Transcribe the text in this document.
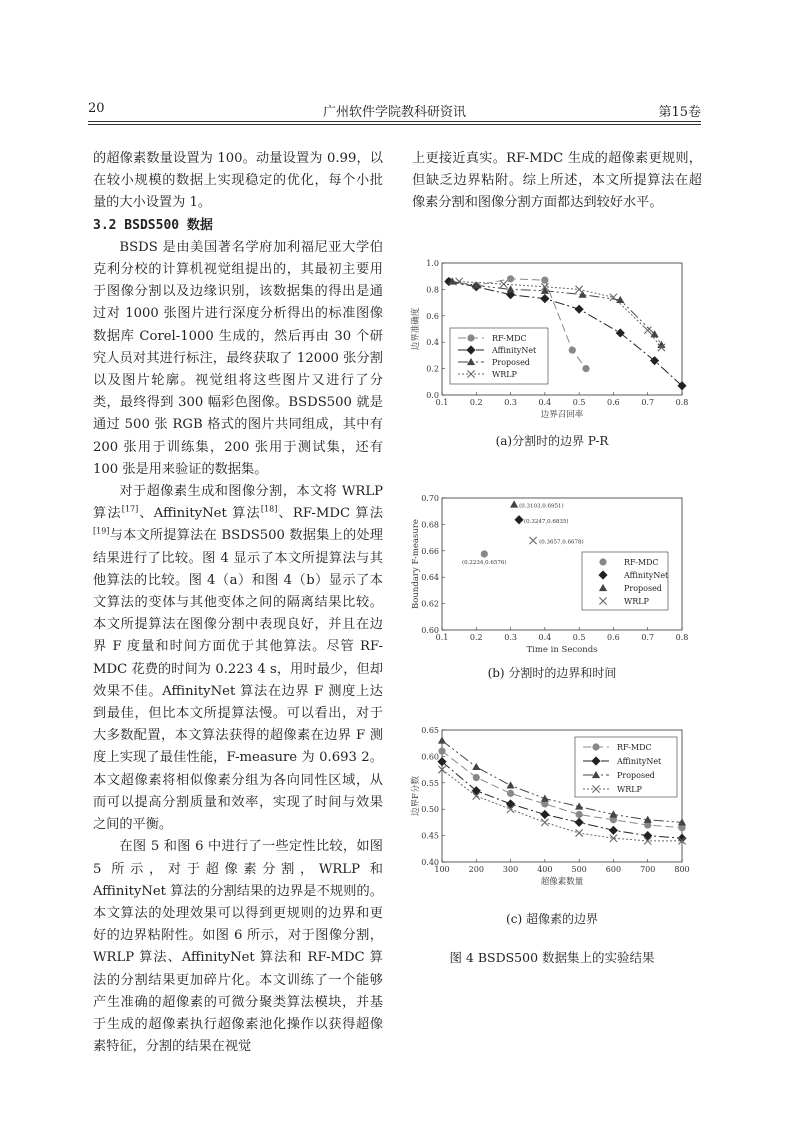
20	广州软件学院教科研资讯	第15卷

的超像素数量设置为 100。动量设置为 0.99，以在较小规模的数据上实现稳定的优化，每个小批量的大小设置为 1。

3.2 BSDS500 数据

BSDS 是由美国著名学府加利福尼亚大学伯克利分校的计算机视觉组提出的，其最初主要用于图像分割以及边缘识别，该数据集的得出是通过对 1000 张图片进行深度分析得出的标准图像数据库 Corel-1000 生成的，然后再由 30 个研究人员对其进行标注，最终获取了 12000 张分割以及图片轮廓。视觉组将这些图片又进行了分类，最终得到 300 幅彩色图像。BSDS500 就是通过 500 张 RGB 格式的图片共同组成，其中有 200 张用于训练集，200 张用于测试集，还有 100 张是用来验证的数据集。

对于超像素生成和图像分割，本文将 WRLP 算法[17]、AffinityNet 算法[18]、RF-MDC 算法[19]与本文所提算法在 BSDS500 数据集上的处理结果进行了比较。图 4 显示了本文所提算法与其他算法的比较。图 4（a）和图 4（b）显示了本文算法的变体与其他变体之间的隔离结果比较。本文所提算法在图像分割中表现良好，并且在边界 F 度量和时间方面优于其他算法。尽管 RF-MDC 花费的时间为 0.223 4 s，用时最少，但却效果不佳。AffinityNet 算法在边界 F 测度上达到最佳，但比本文所提算法慢。可以看出，对于大多数配置，本文算法获得的超像素在边界 F 测度上实现了最佳性能，F-measure 为 0.693 2。本文超像素将相似像素分组为各向同性区域，从而可以提高分割质量和效率，实现了时间与效果之间的平衡。

在图 5 和图 6 中进行了一些定性比较，如图 5 所示，对于超像素分割，WRLP 和 AffinityNet 算法的分割结果的边界是不规则的。本文算法的处理效果可以得到更规则的边界和更好的边界粘附性。如图 6 所示，对于图像分割，WRLP 算法、AffinityNet 算法和 RF-MDC 算法的分割结果更加碎片化。本文训练了一个能够产生准确的超像素的可微分聚类算法模块，并基于生成的超像素执行超像素池化操作以获得超像素特征，分割的结果在视觉

上更接近真实。RF-MDC 生成的超像素更规则，但缺乏边界粘附。综上所述，本文所提算法在超像素分割和图像分割方面都达到较好水平。

0.1	0.2	0.3	0.4	0.5	0.6	0.7	0.8
0.0
0.2
0.4
0.6
0.8
1.0
边界召回率
边界准确度	RF-MDC
AffinityNet
Proposed
WRLP
(a)分割时的边界 P-R
0.1	0.2	0.3	0.4	0.5	0.6	0.7	0.8
0.60
0.62
0.64
0.66
0.68
0.70
Time in Seconds
Boundary F-measure	(0.2234,0.6576)
(0.3247,0.6835)
(0.3103,0.6951)
(0.3657,0.6678)
RF-MDC
AffinityNet
Proposed
WRLP
(b) 分割时的边界和时间
100 200 300 400 500 600 700 800
0.40
0.45
0.50
0.55
0.60
0.65
超像素数量
边界F分数
RF-MDC
AffinityNet
Proposed
WRLP
(c) 超像素的边界
图 4 BSDS500 数据集上的实验结果
